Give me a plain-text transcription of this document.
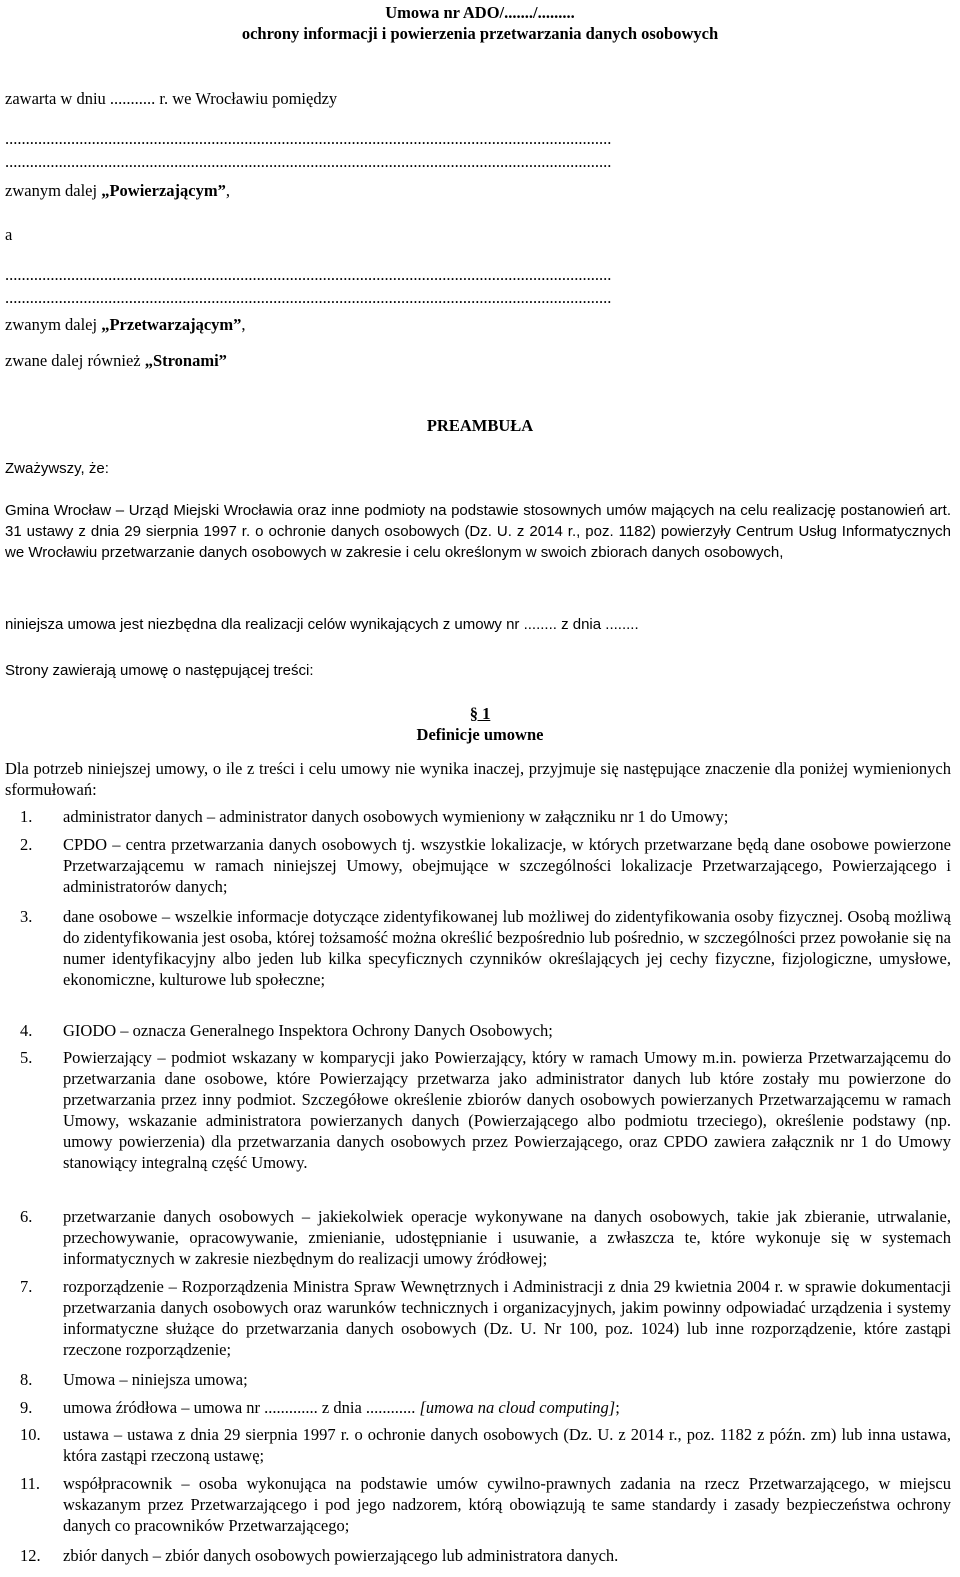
Umowa nr ADO/......./.........

ochrony informacji i powierzenia przetwarzania danych osobowych

zawarta w dniu ........... r. we Wrocławiu pomiędzy

...................................................................................................................................................

...................................................................................................................................................

zwanym dalej „Powierzającym”,

a

...................................................................................................................................................

...................................................................................................................................................

zwanym dalej „Przetwarzającym”,

zwane dalej również „Stronami”

PREAMBUŁA

Zważywszy, że:

Gmina Wrocław – Urząd Miejski Wrocławia oraz inne podmioty na podstawie stosownych umów mających na celu realizację postanowień art. 31 ustawy z dnia 29 sierpnia 1997 r. o ochronie danych osobowych (Dz. U. z 2014 r., poz. 1182) powierzyły Centrum Usług Informatycznych we Wrocławiu przetwarzanie danych osobowych w zakresie i celu określonym w swoich zbiorach danych osobowych,

niniejsza umowa jest niezbędna dla realizacji celów wynikających z umowy nr ........ z dnia ........

Strony zawierają umowę o następującej treści:

§ 1

Definicje umowne

Dla potrzeb niniejszej umowy, o ile z treści i celu umowy nie wynika inaczej, przyjmuje się następujące znaczenie dla poniżej wymienionych sformułowań:

1. administrator danych – administrator danych osobowych wymieniony w załączniku nr 1 do Umowy;
2. CPDO – centra przetwarzania danych osobowych tj. wszystkie lokalizacje, w których przetwarzane będą dane osobowe powierzone Przetwarzającemu w ramach niniejszej Umowy, obejmujące w szczególności lokalizacje Przetwarzającego, Powierzającego i administratorów danych;
3. dane osobowe – wszelkie informacje dotyczące zidentyfikowanej lub możliwej do zidentyfikowania osoby fizycznej. Osobą możliwą do zidentyfikowania jest osoba, której tożsamość można określić bezpośrednio lub pośrednio, w szczególności przez powołanie się na numer identyfikacyjny albo jeden lub kilka specyficznych czynników określających jej cechy fizyczne, fizjologiczne, umysłowe, ekonomiczne, kulturowe lub społeczne;
4. GIODO – oznacza Generalnego Inspektora Ochrony Danych Osobowych;
5. Powierzający – podmiot wskazany w komparycji jako Powierzający, który w ramach Umowy m.in. powierza Przetwarzającemu do przetwarzania dane osobowe, które Powierzający przetwarza jako administrator danych lub które zostały mu powierzone do przetwarzania przez inny podmiot. Szczegółowe określenie zbiorów danych osobowych powierzanych Przetwarzającemu w ramach Umowy, wskazanie administratora powierzanych danych (Powierzającego albo podmiotu trzeciego), określenie podstawy (np. umowy powierzenia) dla przetwarzania danych osobowych przez Powierzającego, oraz CPDO zawiera załącznik nr 1 do Umowy stanowiący integralną część Umowy.
6. przetwarzanie danych osobowych – jakiekolwiek operacje wykonywane na danych osobowych, takie jak zbieranie, utrwalanie, przechowywanie, opracowywanie, zmienianie, udostępnianie i usuwanie, a zwłaszcza te, które wykonuje się w systemach informatycznych w zakresie niezbędnym do realizacji umowy źródłowej;
7. rozporządzenie – Rozporządzenia Ministra Spraw Wewnętrznych i Administracji z dnia 29 kwietnia 2004 r. w sprawie dokumentacji przetwarzania danych osobowych oraz warunków technicznych i organizacyjnych, jakim powinny odpowiadać urządzenia i systemy informatyczne służące do przetwarzania danych osobowych (Dz. U. Nr 100, poz. 1024) lub inne rozporządzenie, które zastąpi rzeczone rozporządzenie;
8. Umowa – niniejsza umowa;
9. umowa źródłowa – umowa nr ............. z dnia ............ [umowa na cloud computing];
10. ustawa – ustawa z dnia 29 sierpnia 1997 r. o ochronie danych osobowych (Dz. U. z 2014 r., poz. 1182 z późn. zm) lub inna ustawa, która zastąpi rzeczoną ustawę;
11. współpracownik – osoba wykonująca na podstawie umów cywilno-prawnych zadania na rzecz Przetwarzającego, w miejscu wskazanym przez Przetwarzającego i pod jego nadzorem, którą obowiązują te same standardy i zasady bezpieczeństwa ochrony danych co pracowników Przetwarzającego;
12. zbiór danych – zbiór danych osobowych powierzającego lub administratora danych.
